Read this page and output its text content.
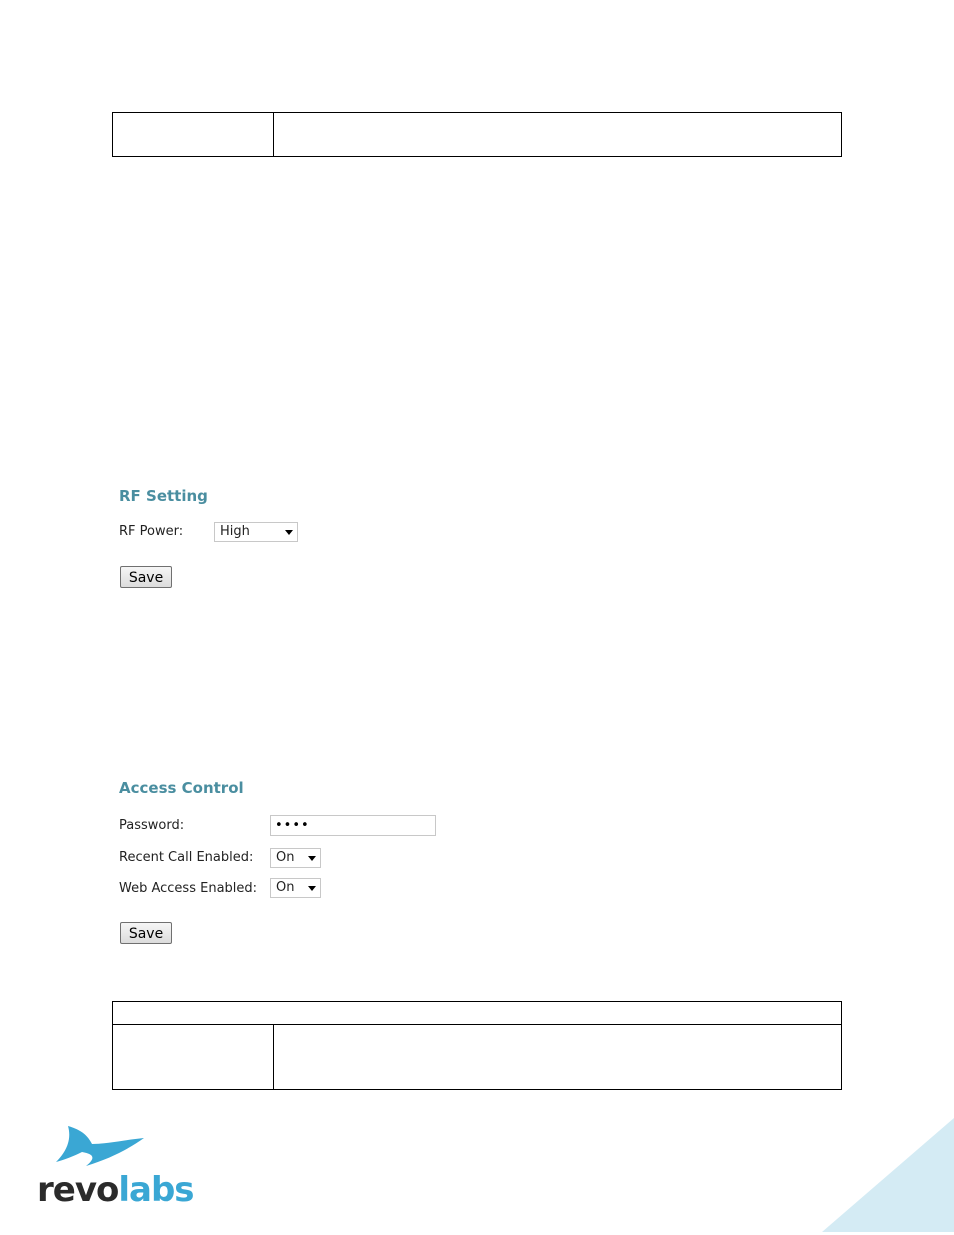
RF Setting
RF Power:	High
Save
Access Control
Password:	••••
Recent Call Enabled:	On
Web Access Enabled:	On
Save
revolabs
